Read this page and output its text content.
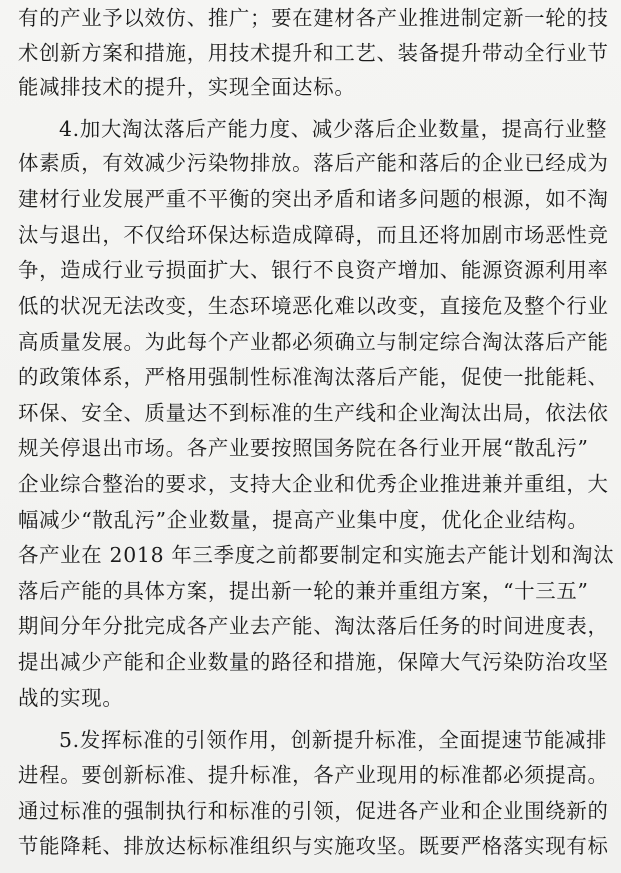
有的产业予以效仿、推广；要在建材各产业推进制定新一轮的技
术创新方案和措施，用技术提升和工艺、装备提升带动全行业节
能减排技术的提升，实现全面达标。
4.加大淘汰落后产能力度、减少落后企业数量，提高行业整
体素质，有效减少污染物排放。落后产能和落后的企业已经成为
建材行业发展严重不平衡的突出矛盾和诸多问题的根源，如不淘
汰与退出，不仅给环保达标造成障碍，而且还将加剧市场恶性竞
争，造成行业亏损面扩大、银行不良资产增加、能源资源利用率
低的状况无法改变，生态环境恶化难以改变，直接危及整个行业
高质量发展。为此每个产业都必须确立与制定综合淘汰落后产能
的政策体系，严格用强制性标准淘汰落后产能，促使一批能耗、
环保、安全、质量达不到标准的生产线和企业淘汰出局，依法依
规关停退出市场。各产业要按照国务院在各行业开展“散乱污”
企业综合整治的要求，支持大企业和优秀企业推进兼并重组，大
幅减少“散乱污”企业数量，提高产业集中度，优化企业结构。
各产业在 2018 年三季度之前都要制定和实施去产能计划和淘汰
落后产能的具体方案，提出新一轮的兼并重组方案，“十三五”
期间分年分批完成各产业去产能、淘汰落后任务的时间进度表，
提出减少产能和企业数量的路径和措施，保障大气污染防治攻坚
战的实现。
5.发挥标准的引领作用，创新提升标准，全面提速节能减排
进程。要创新标准、提升标准，各产业现用的标准都必须提高。
通过标准的强制执行和标准的引领，促进各产业和企业围绕新的
节能降耗、排放达标标准组织与实施攻坚。既要严格落实现有标
